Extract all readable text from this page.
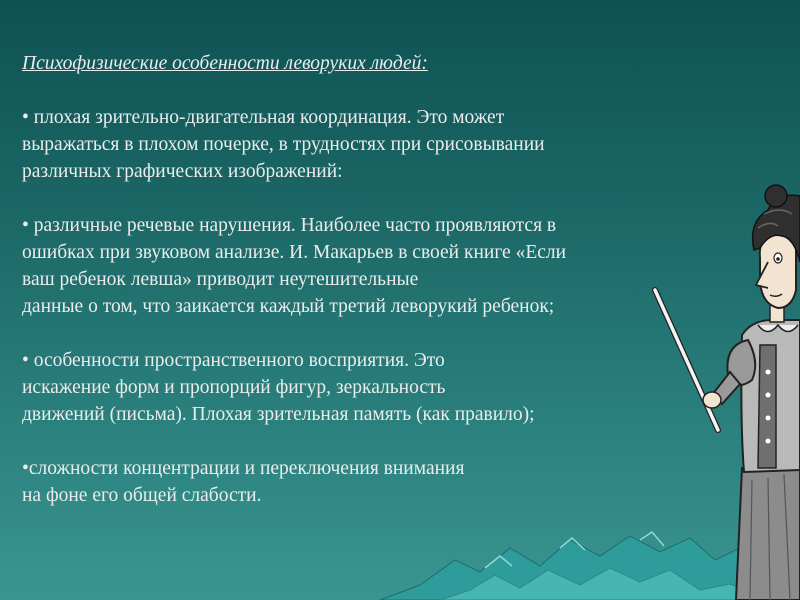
Психофизические особенности леворуких людей:

• плохая зрительно-двигательная координация. Это может

выражаться в плохом почерке, в трудностях при срисовывании

различных графических изображений:

• различные речевые нарушения. Наиболее часто проявляются в

ошибках при звуковом анализе. И. Макарьев в своей книге «Если

ваш ребенок левша» приводит неутешительные

данные о том, что заикается каждый третий леворукий ребенок;

• особенности пространственного восприятия. Это

искажение форм и пропорций фигур, зеркальность

движений (письма). Плохая зрительная память (как правило);

•сложности концентрации и переключения внимания

на фоне его общей слабости.
